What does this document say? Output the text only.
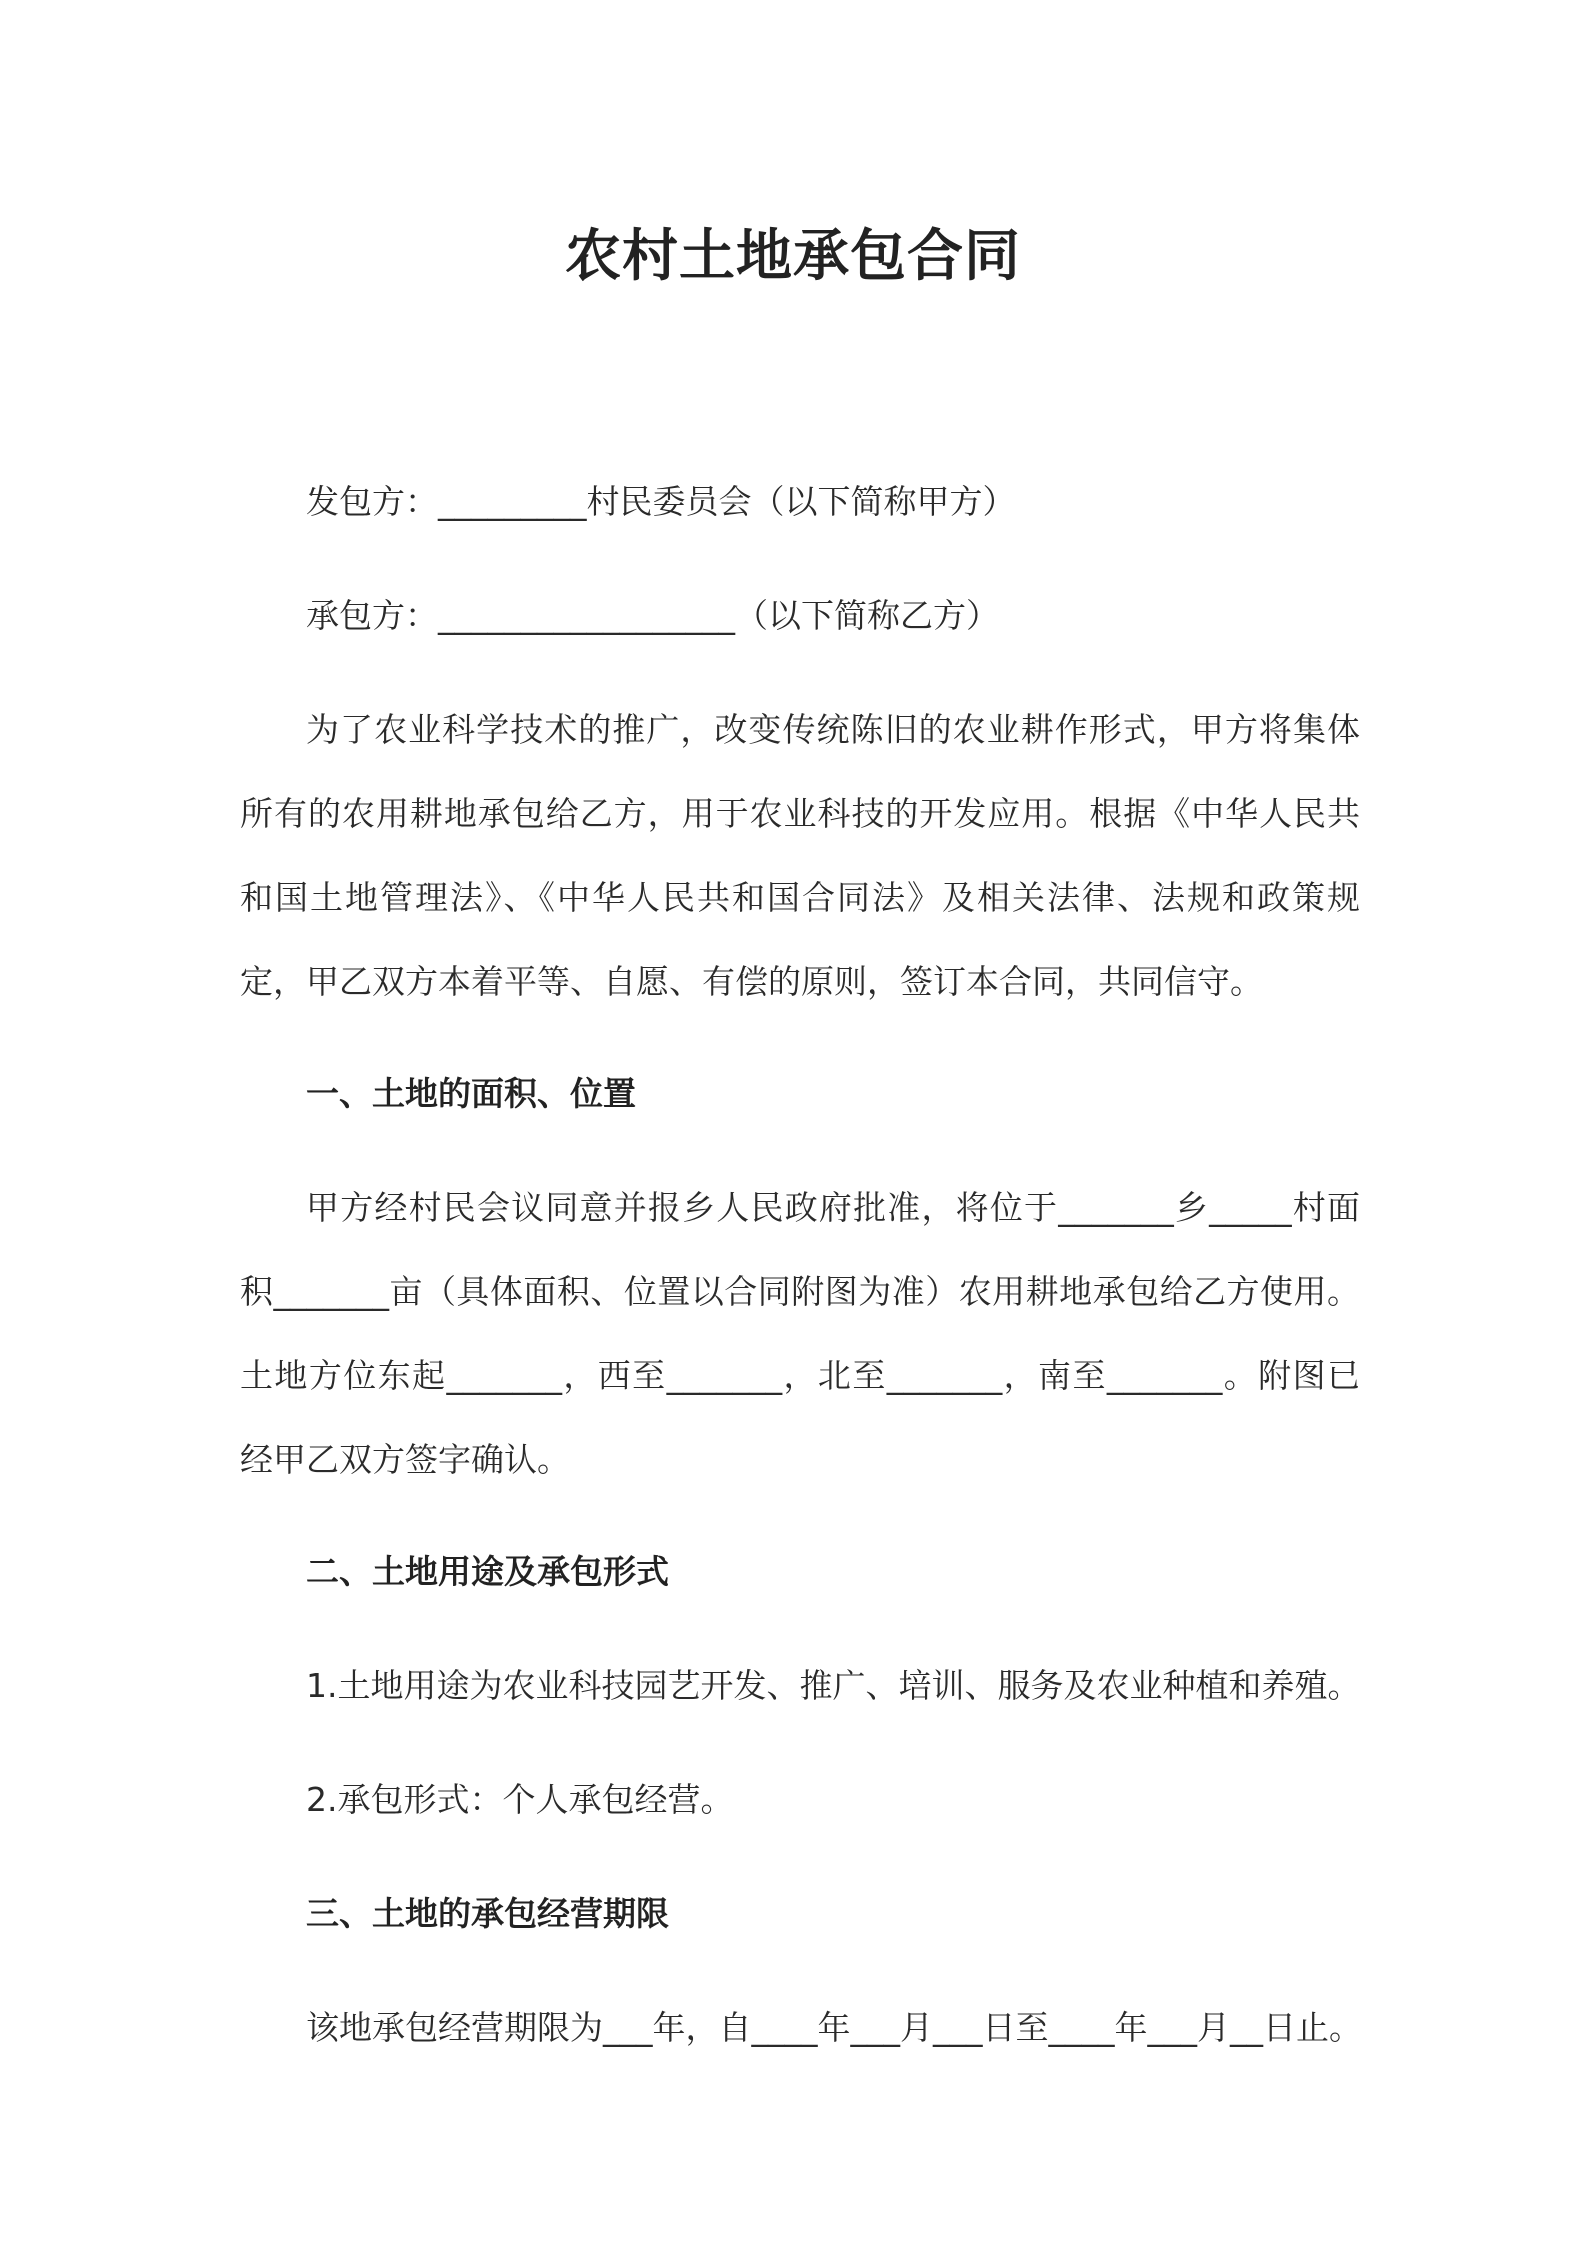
农村土地承包合同

发包方：_________村民委员会（以下简称甲方）

承包方：__________________（以下简称乙方）

为了农业科学技术的推广，改变传统陈旧的农业耕作形式，甲方将集体所有的农用耕地承包给乙方，用于农业科技的开发应用。根据《中华人民共和国土地管理法》、《中华人民共和国合同法》及相关法律、法规和政策规定，甲乙双方本着平等、自愿、有偿的原则，签订本合同，共同信守。

一、土地的面积、位置

甲方经村民会议同意并报乡人民政府批准，将位于_______乡_____村面积_______亩（具体面积、位置以合同附图为准）农用耕地承包给乙方使用。土地方位东起_______，西至_______，北至_______，南至_______。附图已经甲乙双方签字确认。

二、土地用途及承包形式

1.土地用途为农业科技园艺开发、推广、培训、服务及农业种植和养殖。

2.承包形式：个人承包经营。

三、土地的承包经营期限

该地承包经营期限为___年，自____年___月___日至____年___月__日止。
